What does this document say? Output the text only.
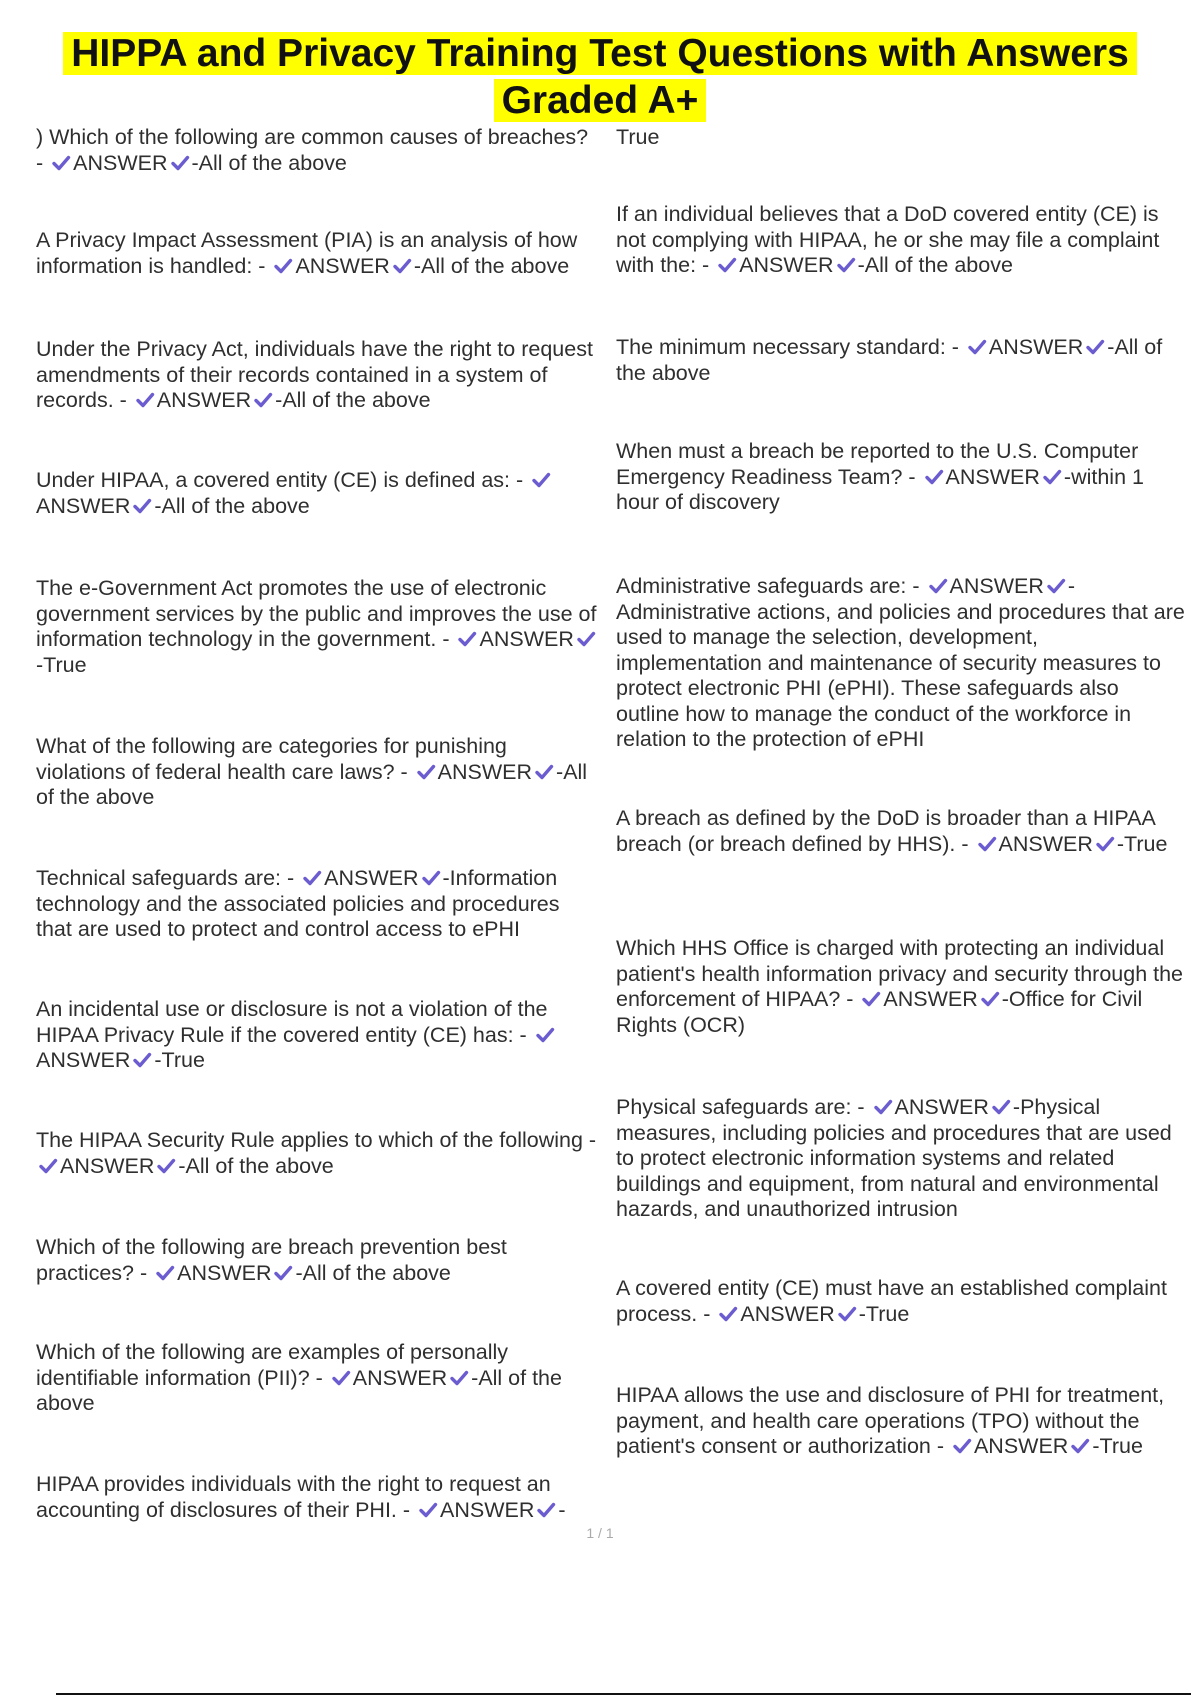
HIPPA and Privacy Training Test Questions with Answers
Graded A+
) Which of the following are common causes of breaches? - ANSWER -All of the above
A Privacy Impact Assessment (PIA) is an analysis of how information is handled: - ANSWER -All of the above
Under the Privacy Act, individuals have the right to request amendments of their records contained in a system of records. - ANSWER -All of the above
Under HIPAA, a covered entity (CE) is defined as: - ANSWER -All of the above
The e-Government Act promotes the use of electronic government services by the public and improves the use of information technology in the government. - ANSWER-True
What of the following are categories for punishing violations of federal health care laws? - ANSWER -All of the above
Technical safeguards are: - ANSWER -Information technology and the associated policies and procedures that are used to protect and control access to ePHI
An incidental use or disclosure is not a violation of the HIPAA Privacy Rule if the covered entity (CE) has: - ANSWER -True
The HIPAA Security Rule applies to which of the following - ANSWER -All of the above
Which of the following are breach prevention best practices? - ANSWER -All of the above
Which of the following are examples of personally identifiable information (PII)? - ANSWER -All of the above
HIPAA provides individuals with the right to request an accounting of disclosures of their PHI. - ANSWER -
True
If an individual believes that a DoD covered entity (CE) is not complying with HIPAA, he or she may file a complaint with the: - ANSWER -All of the above
The minimum necessary standard: - ANSWER -All of the above
When must a breach be reported to the U.S. Computer Emergency Readiness Team? - ANSWER -within 1 hour of discovery
Administrative safeguards are: - ANSWER -Administrative actions, and policies and procedures that are used to manage the selection, development, implementation and maintenance of security measures to protect electronic PHI (ePHI). These safeguards also outline how to manage the conduct of the workforce in relation to the protection of ePHI
A breach as defined by the DoD is broader than a HIPAA breach (or breach defined by HHS). - ANSWER -True
Which HHS Office is charged with protecting an individual patient's health information privacy and security through the enforcement of HIPAA? - ANSWER -Office for Civil Rights (OCR)
Physical safeguards are: - ANSWER -Physical measures, including policies and procedures that are used to protect electronic information systems and related buildings and equipment, from natural and environmental hazards, and unauthorized intrusion
A covered entity (CE) must have an established complaint process. - ANSWER -True
HIPAA allows the use and disclosure of PHI for treatment, payment, and health care operations (TPO) without the patient's consent or authorization - ANSWER -True
1 / 1
